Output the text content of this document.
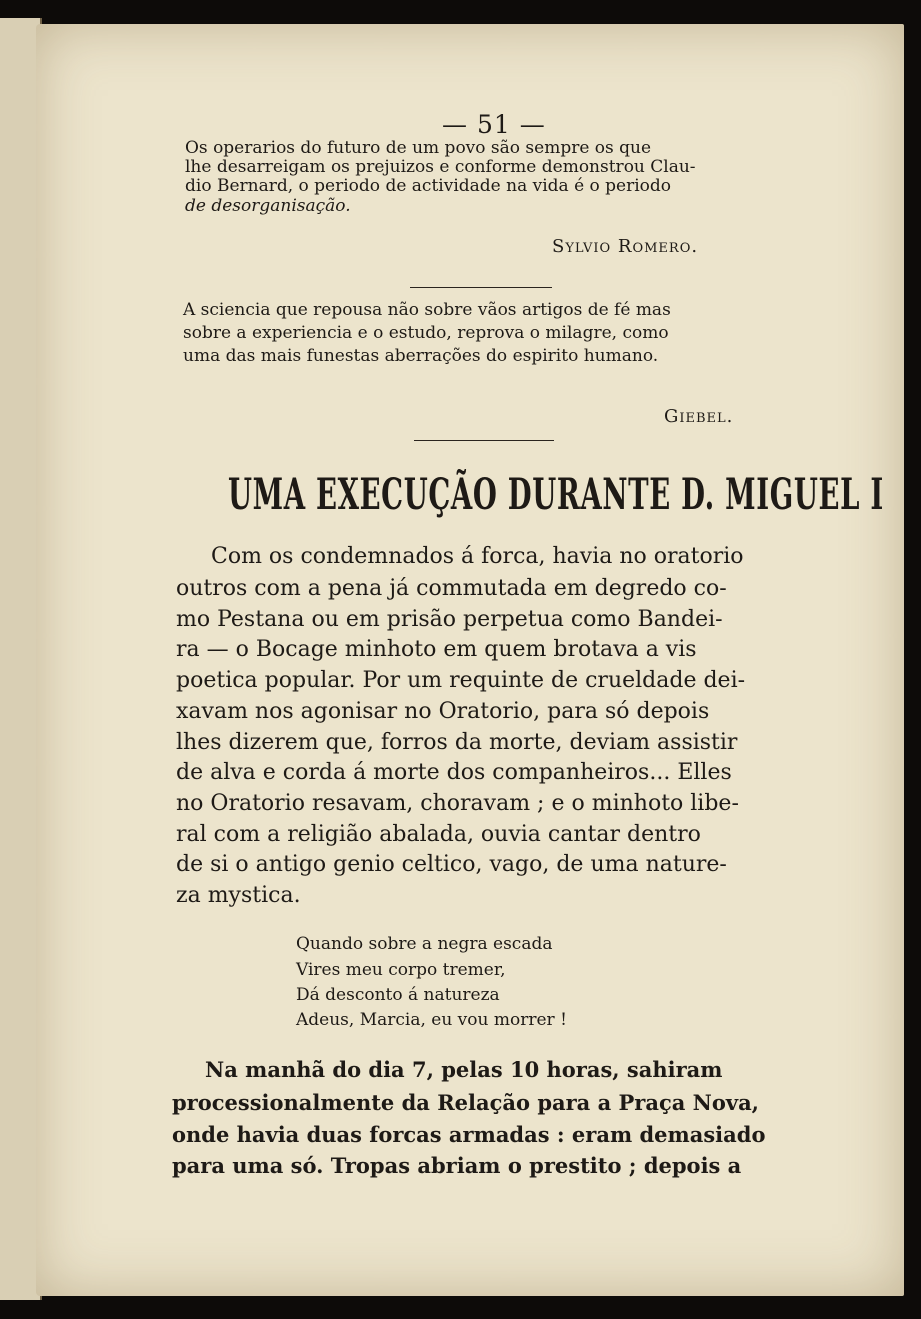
— 51 —
Os operarios do futuro de um povo são sempre os que
lhe desarreigam os prejuizos e conforme demonstrou Clau-
dio Bernard, o periodo de actividade na vida é o periodo
de desorganisação.
Sylvio Romero.
A sciencia que repousa não sobre vãos artigos de fé mas
sobre a experiencia e o estudo, reprova o milagre, como
uma das mais funestas aberrações do espirito humano.
Giebel.
UMA EXECUÇÃO DURANTE D. MIGUEL I
Com os condemnados á forca, havia no oratorio
outros com a pena já commutada em degredo co-
mo Pestana ou em prisão perpetua como Bandei-
ra — o Bocage minhoto em quem brotava a vis
poetica popular. Por um requinte de crueldade dei-
xavam nos agonisar no Oratorio, para só depois
lhes dizerem que, forros da morte, deviam assistir
de alva e corda á morte dos companheiros... Elles
no Oratorio resavam, choravam ; e o minhoto libe-
ral com a religião abalada, ouvia cantar dentro
de si o antigo genio celtico, vago, de uma nature-
za mystica.
Quando sobre a negra escada
Vires meu corpo tremer,
Dá desconto á natureza
Adeus, Marcia, eu vou morrer !
Na manhã do dia 7, pelas 10 horas, sahiram
processionalmente da Relação para a Praça Nova,
onde havia duas forcas armadas : eram demasiado
para uma só. Tropas abriam o prestito ; depois a
